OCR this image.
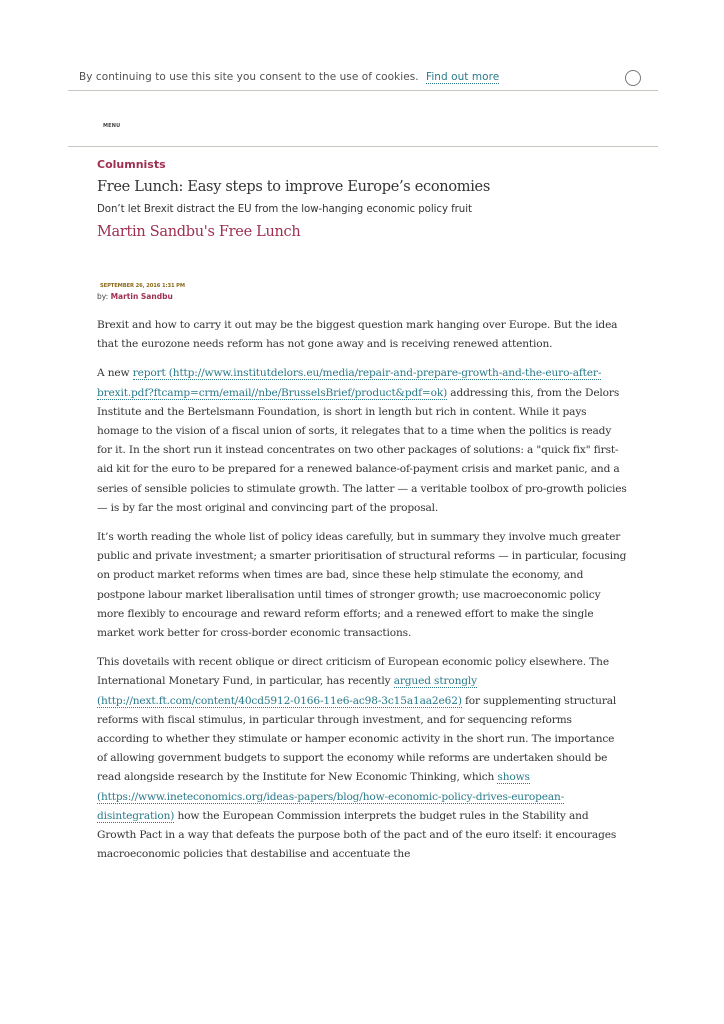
By continuing to use this site you consent to the use of cookies. Find out more
MENU
Columnists
Free Lunch: Easy steps to improve Europe’s economies

Don’t let Brexit distract the EU from the low-hanging economic policy fruit

Martin Sandbu's Free Lunch
SEPTEMBER 26, 2016 1:31 PM
by: Martin Sandbu

Brexit and how to carry it out may be the biggest question mark hanging over Europe. But the idea that the eurozone needs reform has not gone away and is receiving renewed attention.

A new report (http://www.institutdelors.eu/media/repair-and-prepare-growth-and-the-euro-after-brexit.pdf?ftcamp=crm/email//nbe/BrusselsBrief/product&pdf=ok) addressing this, from the Delors Institute and the Bertelsmann Foundation, is short in length but rich in content. While it pays homage to the vision of a fiscal union of sorts, it relegates that to a time when the politics is ready for it. In the short run it instead concentrates on two other packages of solutions: a "quick fix" first-aid kit for the euro to be prepared for a renewed balance-of-payment crisis and market panic, and a series of sensible policies to stimulate growth. The latter — a veritable toolbox of pro-growth policies — is by far the most original and convincing part of the proposal.

It’s worth reading the whole list of policy ideas carefully, but in summary they involve much greater public and private investment; a smarter prioritisation of structural reforms — in particular, focusing on product market reforms when times are bad, since these help stimulate the economy, and postpone labour market liberalisation until times of stronger growth; use macroeconomic policy more flexibly to encourage and reward reform efforts; and a renewed effort to make the single market work better for cross-border economic transactions.

This dovetails with recent oblique or direct criticism of European economic policy elsewhere. The International Monetary Fund, in particular, has recently argued strongly (http://next.ft.com/content/40cd5912-0166-11e6-ac98-3c15a1aa2e62) for supplementing structural reforms with fiscal stimulus, in particular through investment, and for sequencing reforms according to whether they stimulate or hamper economic activity in the short run. The importance of allowing government budgets to support the economy while reforms are undertaken should be read alongside research by the Institute for New Economic Thinking, which shows (https://www.ineteconomics.org/ideas-papers/blog/how-economic-policy-drives-european-disintegration) how the European Commission interprets the budget rules in the Stability and Growth Pact in a way that defeats the purpose both of the pact and of the euro itself: it encourages macroeconomic policies that destabilise and accentuate the
